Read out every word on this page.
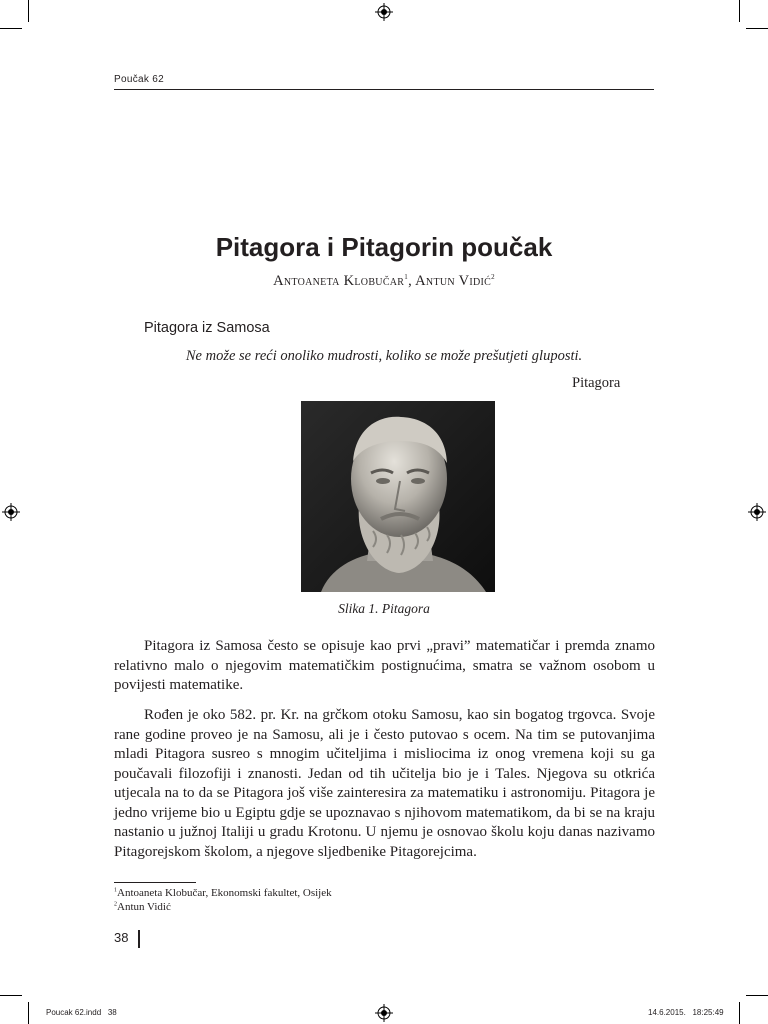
Poučak 62
Pitagora i Pitagorin poučak
Antoaneta Klobučar$^1$, Antun Vidić$^2$
Pitagora iz Samosa
Ne može se reći onoliko mudrosti, koliko se može prešutjeti gluposti.
Pitagora
Slika 1. Pitagora

Pitagora iz Samosa često se opisuje kao prvi „pravi” matematičar i premda znamo relativno malo o njegovim matematičkim postignućima, smatra se važnom osobom u povijesti matematike.

Rođen je oko 582. pr. Kr. na grčkom otoku Samosu, kao sin bogatog trgovca. Svoje rane godine proveo je na Samosu, ali je i često putovao s ocem. Na tim se putovanjima mladi Pitagora susreo s mnogim učiteljima i misliocima iz onog vremena koji su ga poučavali filozofiji i znanosti. Jedan od tih učitelja bio je i Tales. Njegova su otkrića utjecala na to da se Pitagora još više zainteresira za matematiku i astronomiju. Pitagora je jedno vrijeme bio u Egiptu gdje se upoznavao s njihovom matematikom, da bi se na kraju nastanio u južnoj Italiji u gradu Krotonu. U njemu je osnovao školu koju danas nazivamo Pitagorejskom školom, a njegove sljedbenike Pitagorejcima.

$^1$Antoaneta Klobučar, Ekonomski fakultet, Osijek
$^2$Antun Vidić
38
Poucak 62.indd   38	14.6.2015.   18:25:49
